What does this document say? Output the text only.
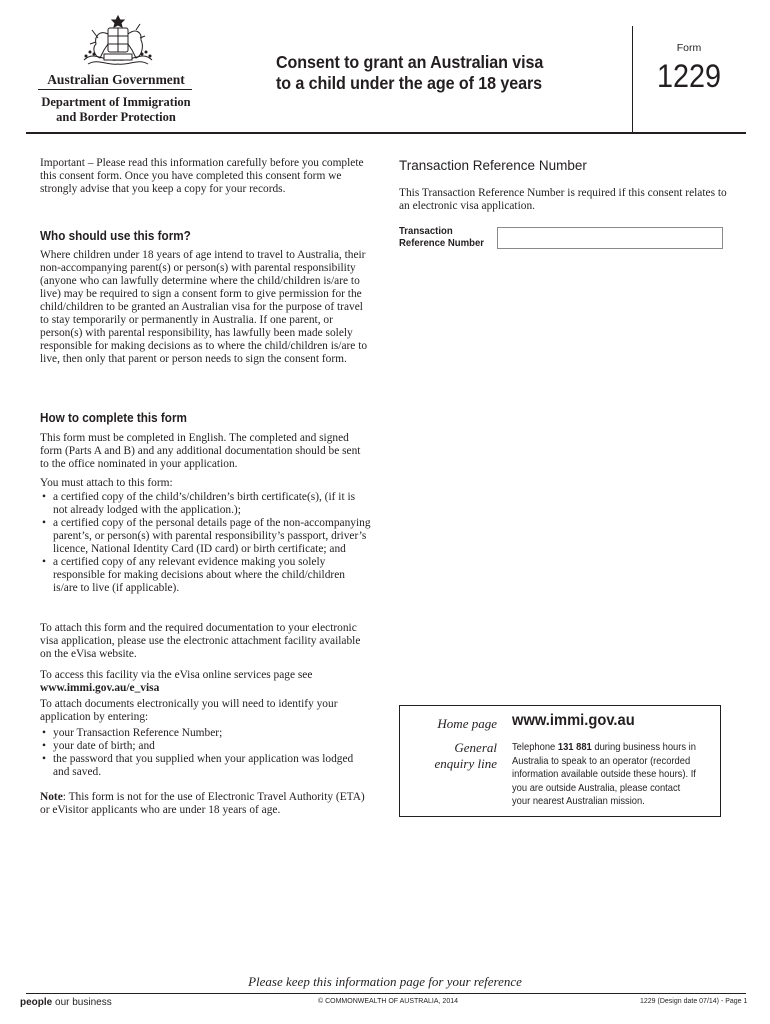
Australian Government
Department of Immigration
and Border Protection
Consent to grant an Australian visa
to a child under the age of 18 years
Form
1229
Important – Please read this information carefully before you complete this consent form. Once you have completed this consent form we strongly advise that you keep a copy for your records.
Who should use this form?
Where children under 18 years of age intend to travel to Australia, their non-accompanying parent(s) or person(s) with parental responsibility (anyone who can lawfully determine where the child/children is/are to live) may be required to sign a consent form to give permission for the child/children to be granted an Australian visa for the purpose of travel to stay temporarily or permanently in Australia. If one parent, or person(s) with parental responsibility, has lawfully been made solely responsible for making decisions as to where the child/children is/are to live, then only that parent or person needs to sign the consent form.
How to complete this form
This form must be completed in English. The completed and signed form (Parts A and B) and any additional documentation should be sent to the office nominated in your application.
You must attach to this form:
• a certified copy of the child’s/children’s birth certificate(s), (if it is not already lodged with the application.);
• a certified copy of the personal details page of the non-accompanying parent’s, or person(s) with parental responsibility’s passport, driver’s licence, National Identity Card (ID card) or birth certificate; and
• a certified copy of any relevant evidence making you solely responsible for making decisions about where the child/children is/are to live (if applicable).
To attach this form and the required documentation to your electronic visa application, please use the electronic attachment facility available on the eVisa website.
To access this facility via the eVisa online services page see
www.immi.gov.au/e_visa
To attach documents electronically you will need to identify your application by entering:
• your Transaction Reference Number;
• your date of birth; and
• the password that you supplied when your application was lodged and saved.
Note: This form is not for the use of Electronic Travel Authority (ETA) or eVisitor applicants who are under 18 years of age.
Transaction Reference Number
This Transaction Reference Number is required if this consent relates to an electronic visa application.
Transaction
Reference Number
Home page www.immi.gov.au
General
enquiry line
Telephone 131 881 during business hours in Australia to speak to an operator (recorded information available outside these hours). If you are outside Australia, please contact your nearest Australian mission.
Please keep this information page for your reference
people our business	© COMMONWEALTH OF AUSTRALIA, 2014	1229 (Design date 07/14) - Page 1
